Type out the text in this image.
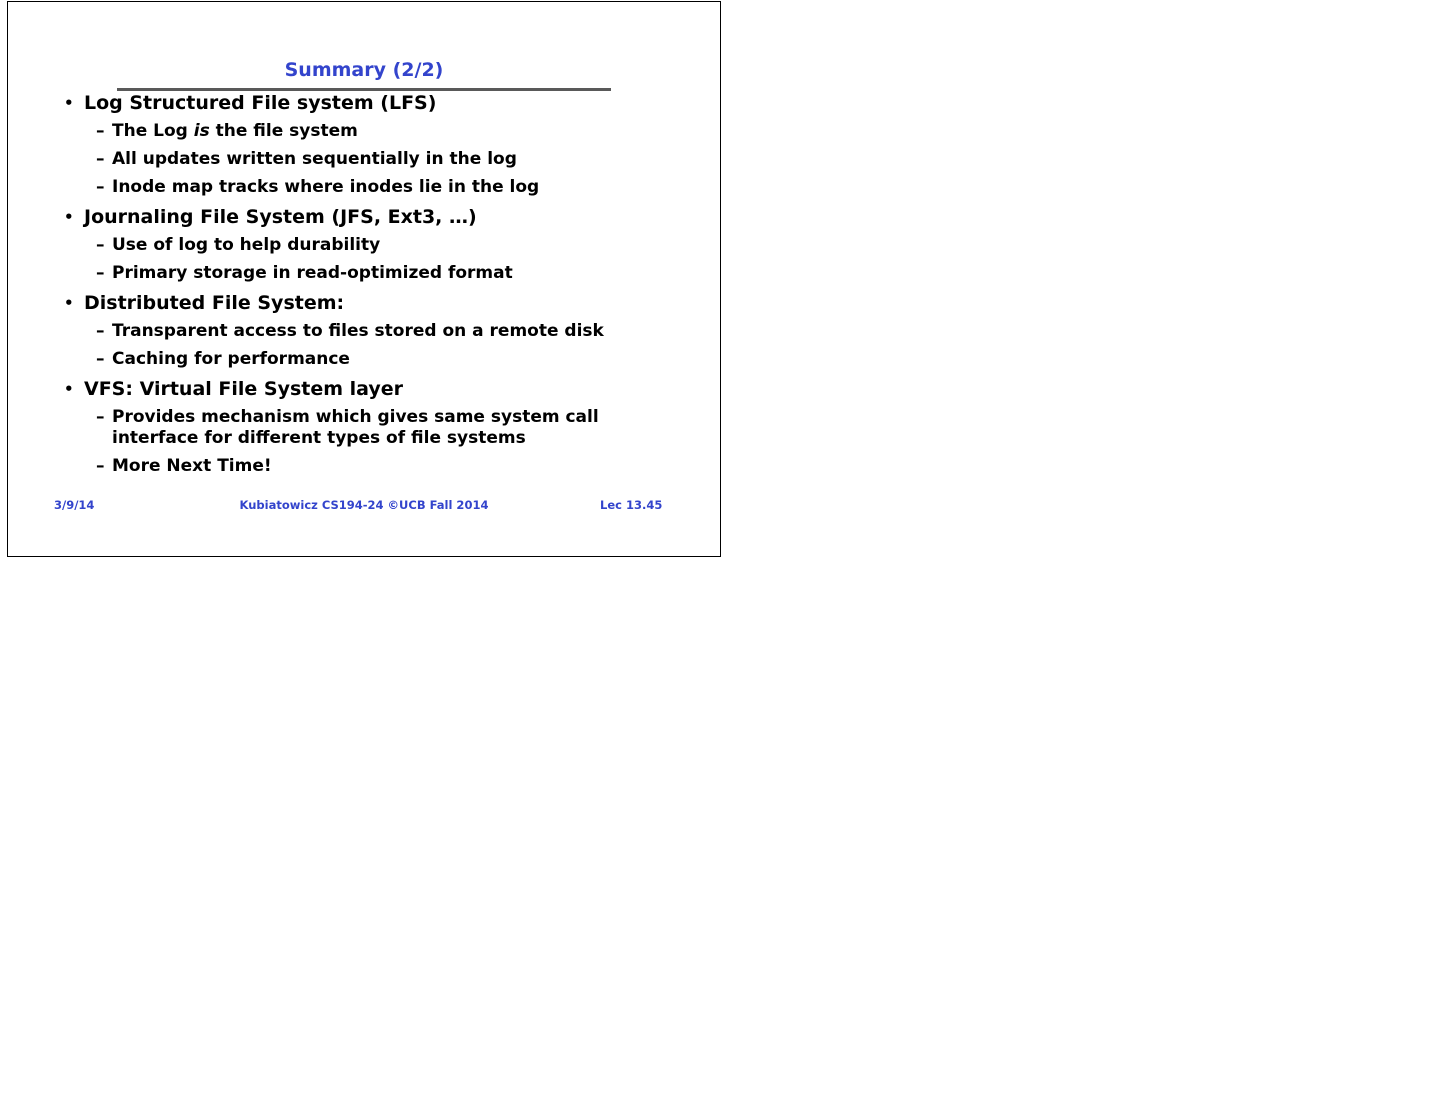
Summary (2/2)
• Log Structured File system (LFS)
– The Log is the file system
– All updates written sequentially in the log
– Inode map tracks where inodes lie in the log
• Journaling File System (JFS, Ext3, …)
– Use of log to help durability
– Primary storage in read-optimized format
• Distributed File System:
– Transparent access to files stored on a remote disk
– Caching for performance
• VFS: Virtual File System layer
– Provides mechanism which gives same system call
interface for different types of file systems
– More Next Time!
3/9/14	Kubiatowicz CS194-24 ©UCB Fall 2014	Lec 13.45
